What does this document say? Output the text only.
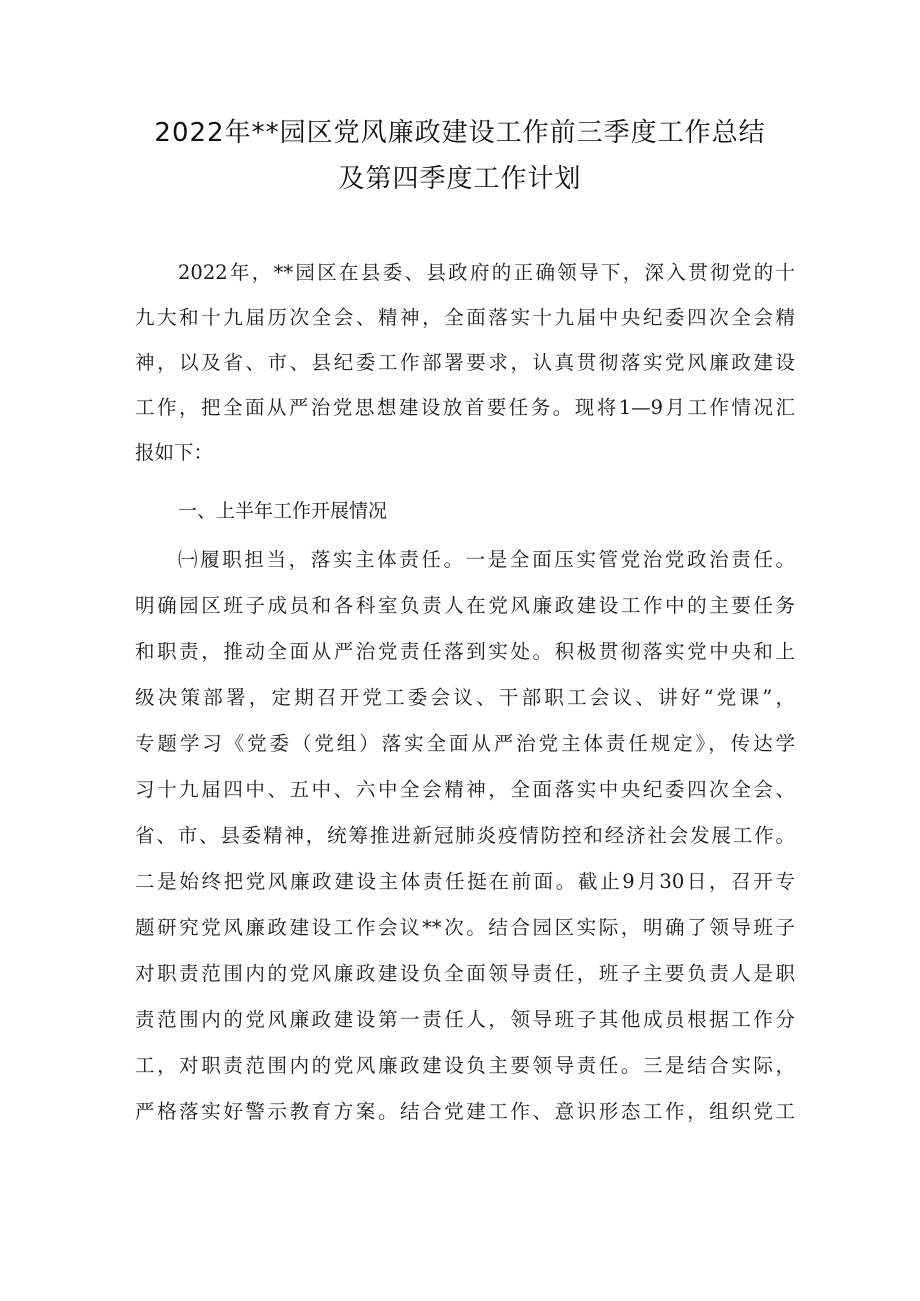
2022年**园区党风廉政建设工作前三季度工作总结
及第四季度工作计划
2022年，**园区在县委、县政府的正确领导下，深入贯彻党的十
九大和十九届历次全会、精神，全面落实十九届中央纪委四次全会精
神，以及省、市、县纪委工作部署要求，认真贯彻落实党风廉政建设
工作，把全面从严治党思想建设放首要任务。现将1—9月工作情况汇
报如下：
一、上半年工作开展情况
㈠履职担当，落实主体责任。一是全面压实管党治党政治责任。
明确园区班子成员和各科室负责人在党风廉政建设工作中的主要任务
和职责，推动全面从严治党责任落到实处。积极贯彻落实党中央和上
级决策部署，定期召开党工委会议、干部职工会议、讲好“党课”，
专题学习《党委（党组）落实全面从严治党主体责任规定》，传达学
习十九届四中、五中、六中全会精神，全面落实中央纪委四次全会、
省、市、县委精神，统筹推进新冠肺炎疫情防控和经济社会发展工作。
二是始终把党风廉政建设主体责任挺在前面。截止9月30日，召开专
题研究党风廉政建设工作会议**次。结合园区实际，明确了领导班子
对职责范围内的党风廉政建设负全面领导责任，班子主要负责人是职
责范围内的党风廉政建设第一责任人，领导班子其他成员根据工作分
工，对职责范围内的党风廉政建设负主要领导责任。三是结合实际，
严格落实好警示教育方案。结合党建工作、意识形态工作，组织党工
